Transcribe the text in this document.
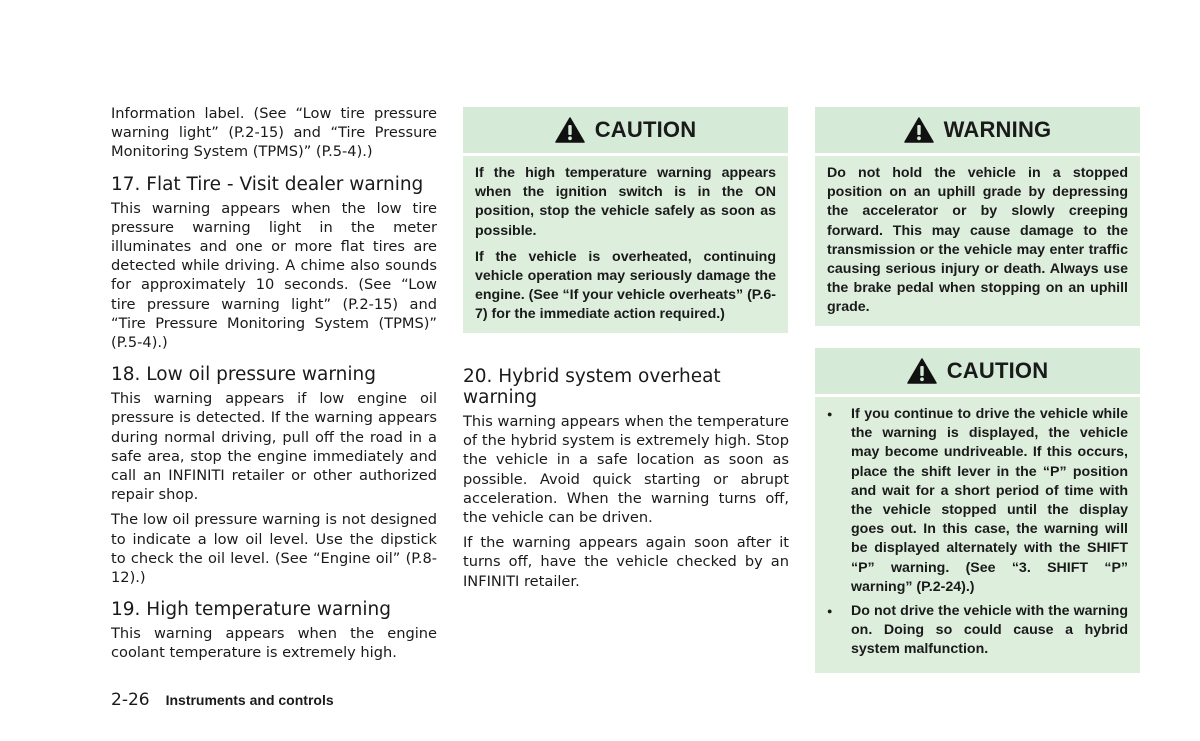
Information label. (See “Low tire pressure warning light” (P.2-15) and “Tire Pressure Monitoring System (TPMS)” (P.5-4).)

17. Flat Tire - Visit dealer warning

This warning appears when the low tire pressure warning light in the meter illuminates and one or more flat tires are detected while driving. A chime also sounds for approximately 10 seconds. (See “Low tire pressure warning light” (P.2-15) and “Tire Pressure Monitoring System (TPMS)” (P.5-4).)

18. Low oil pressure warning

This warning appears if low engine oil pressure is detected. If the warning appears during normal driving, pull off the road in a safe area, stop the engine immediately and call an INFINITI retailer or other authorized repair shop.

The low oil pressure warning is not designed to indicate a low oil level. Use the dipstick to check the oil level. (See “Engine oil” (P.8-12).)

19. High temperature warning

This warning appears when the engine coolant temperature is extremely high.

CAUTION

If the high temperature warning appears when the ignition switch is in the ON position, stop the vehicle safely as soon as possible.

If the vehicle is overheated, continuing vehicle operation may seriously damage the engine. (See “If your vehicle overheats” (P.6-7) for the immediate action required.)

20. Hybrid system overheat warning

This warning appears when the temperature of the hybrid system is extremely high. Stop the vehicle in a safe location as soon as possible. Avoid quick starting or abrupt acceleration. When the warning turns off, the vehicle can be driven.

If the warning appears again soon after it turns off, have the vehicle checked by an INFINITI retailer.

WARNING

Do not hold the vehicle in a stopped position on an uphill grade by depressing the accelerator or by slowly creeping forward. This may cause damage to the transmission or the vehicle may enter traffic causing serious injury or death. Always use the brake pedal when stopping on an uphill grade.

CAUTION
● If you continue to drive the vehicle while the warning is displayed, the vehicle may become undriveable. If this occurs, place the shift lever in the “P” position and wait for a short period of time with the vehicle stopped until the display goes out. In this case, the warning will be displayed alternately with the SHIFT “P” warning. (See “3. SHIFT “P” warning” (P.2-24).)
● Do not drive the vehicle with the warning on. Doing so could cause a hybrid system malfunction.
2-26 Instruments and controls
